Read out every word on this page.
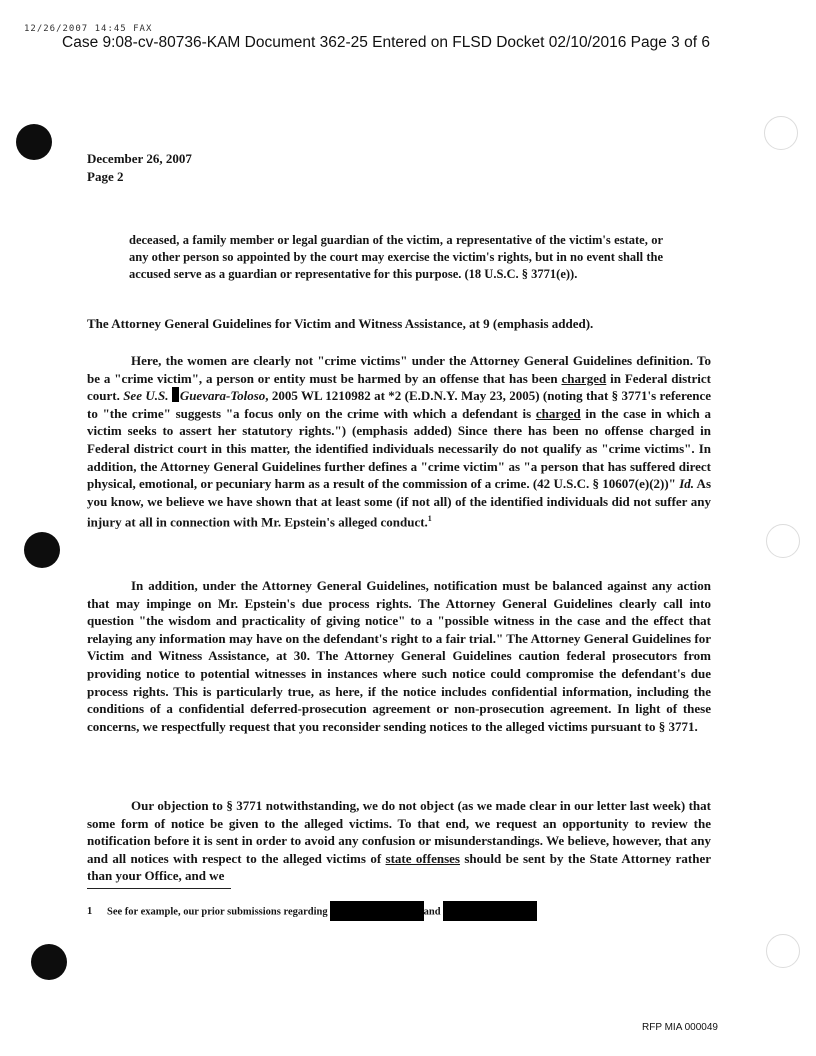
12/26/2007 14:45 FAX
Case 9:08-cv-80736-KAM Document 362-25 Entered on FLSD Docket 02/10/2016 Page 3 of 6
December 26, 2007
Page 2
deceased, a family member or legal guardian of the victim, a representative of the victim's estate, or any other person so appointed by the court may exercise the victim's rights, but in no event shall the accused serve as a guardian or representative for this purpose. (18 U.S.C. § 3771(e)).
The Attorney General Guidelines for Victim and Witness Assistance, at 9 (emphasis added).
Here, the women are clearly not "crime victims" under the Attorney General Guidelines definition. To be a "crime victim", a person or entity must be harmed by an offense that has been charged in Federal district court. See U.S. Guevara-Toloso, 2005 WL 1210982 at *2 (E.D.N.Y. May 23, 2005) (noting that § 3771's reference to "the crime" suggests "a focus only on the crime with which a defendant is charged in the case in which a victim seeks to assert her statutory rights.") (emphasis added) Since there has been no offense charged in Federal district court in this matter, the identified individuals necessarily do not qualify as "crime victims". In addition, the Attorney General Guidelines further defines a "crime victim" as "a person that has suffered direct physical, emotional, or pecuniary harm as a result of the commission of a crime. (42 U.S.C. § 10607(e)(2))" Id. As you know, we believe we have shown that at least some (if not all) of the identified individuals did not suffer any injury at all in connection with Mr. Epstein's alleged conduct.$^1$
In addition, under the Attorney General Guidelines, notification must be balanced against any action that may impinge on Mr. Epstein's due process rights. The Attorney General Guidelines clearly call into question "the wisdom and practicality of giving notice" to a "possible witness in the case and the effect that relaying any information may have on the defendant's right to a fair trial." The Attorney General Guidelines for Victim and Witness Assistance, at 30. The Attorney General Guidelines caution federal prosecutors from providing notice to potential witnesses in instances where such notice could compromise the defendant's due process rights. This is particularly true, as here, if the notice includes confidential information, including the conditions of a confidential deferred-prosecution agreement or non-prosecution agreement. In light of these concerns, we respectfully request that you reconsider sending notices to the alleged victims pursuant to § 3771.
Our objection to § 3771 notwithstanding, we do not object (as we made clear in our letter last week) that some form of notice be given to the alleged victims. To that end, we request an opportunity to review the notification before it is sent in order to avoid any confusion or misunderstandings. We believe, however, that any and all notices with respect to the alleged victims of state offenses should be sent by the State Attorney rather than your Office, and we
1 See for example, our prior submissions regarding	and
RFP MIA 000049
